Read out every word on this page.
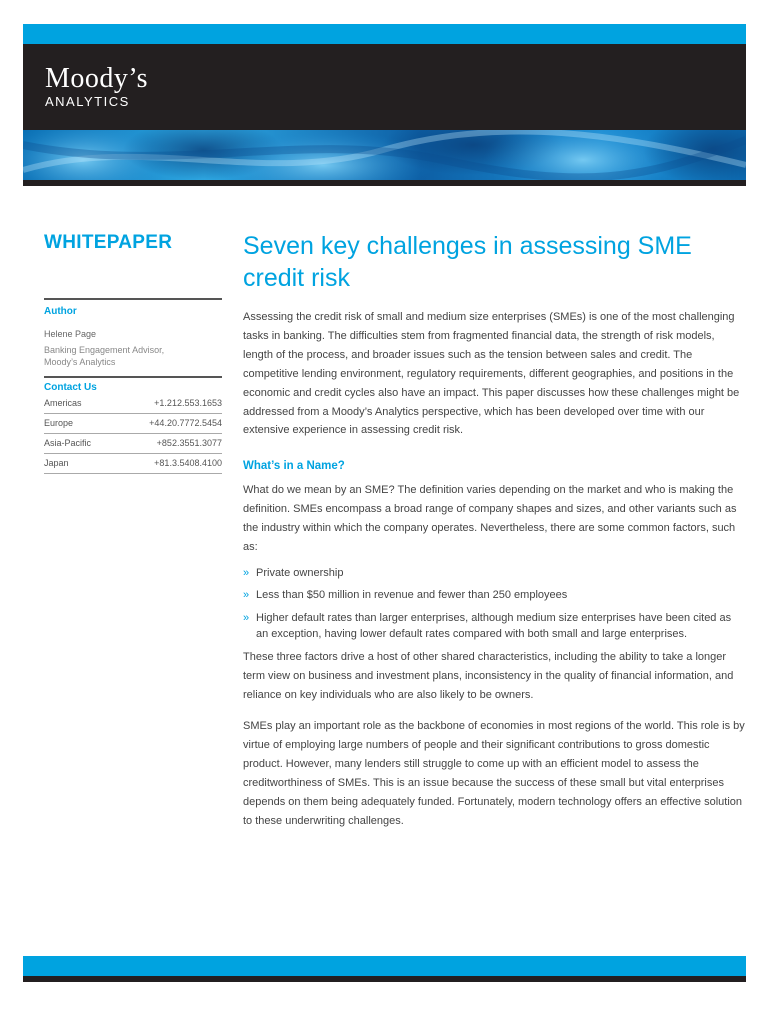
Moody’s
ANALYTICS
WHITEPAPER
Author
Helene Page
Banking Engagement Advisor,
Moody’s Analytics
Contact Us
Americas	+1.212.553.1653
Europe	+44.20.7772.5454
Asia-Pacific	+852.3551.3077
Japan	+81.3.5408.4100
Seven key challenges in assessing SME
credit risk

Assessing the credit risk of small and medium size enterprises (SMEs) is one of the most challenging tasks in banking. The difficulties stem from fragmented financial data, the strength of risk models, length of the process, and broader issues such as the tension between sales and credit. The competitive lending environment, regulatory requirements, different geographies, and positions in the economic and credit cycles also have an impact. This paper discusses how these challenges might be addressed from a Moody’s Analytics perspective, which has been developed over time with our extensive experience in assessing credit risk.

What’s in a Name?

What do we mean by an SME? The definition varies depending on the market and who is making the definition. SMEs encompass a broad range of company shapes and sizes, and other variants such as the industry within which the company operates. Nevertheless, there are some common factors, such as:

» Private ownership
» Less than $50 million in revenue and fewer than 250 employees
» Higher default rates than larger enterprises, although medium size enterprises have been cited as an exception, having lower default rates compared with both small and large enterprises.

These three factors drive a host of other shared characteristics, including the ability to take a longer term view on business and investment plans, inconsistency in the quality of financial information, and reliance on key individuals who are also likely to be owners.

SMEs play an important role as the backbone of economies in most regions of the world. This role is by virtue of employing large numbers of people and their significant contributions to gross domestic product. However, many lenders still struggle to come up with an efficient model to assess the creditworthiness of SMEs. This is an issue because the success of these small but vital enterprises depends on them being adequately funded. Fortunately, modern technology offers an effective solution to these underwriting challenges.
